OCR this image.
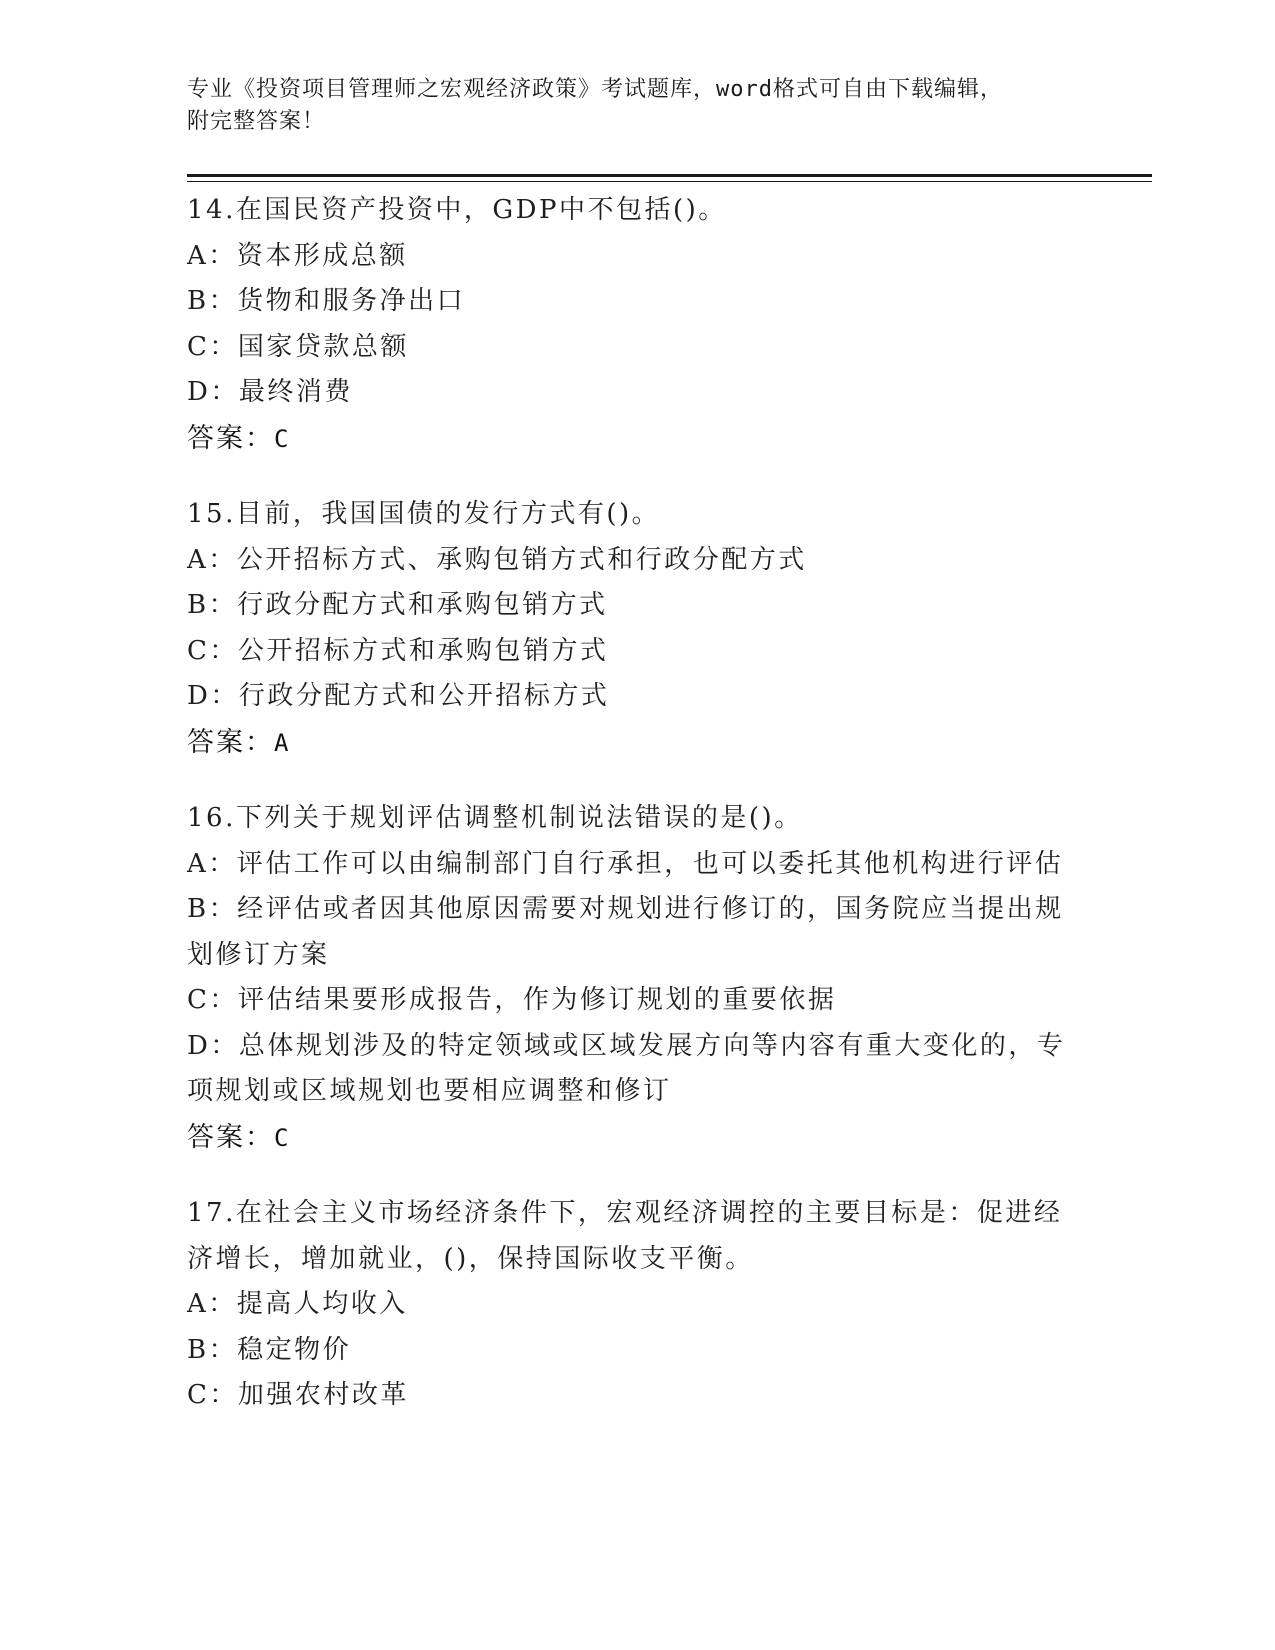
专业《投资项目管理师之宏观经济政策》考试题库，word格式可自由下载编辑，
附完整答案！
14.在国民资产投资中，GDP中不包括()。
A：资本形成总额
B：货物和服务净出口
C：国家贷款总额
D：最终消费
答案：C
15.目前，我国国债的发行方式有()。
A：公开招标方式、承购包销方式和行政分配方式
B：行政分配方式和承购包销方式
C：公开招标方式和承购包销方式
D：行政分配方式和公开招标方式
答案：A
16.下列关于规划评估调整机制说法错误的是()。
A：评估工作可以由编制部门自行承担，也可以委托其他机构进行评估
B：经评估或者因其他原因需要对规划进行修订的，国务院应当提出规
划修订方案
C：评估结果要形成报告，作为修订规划的重要依据
D：总体规划涉及的特定领域或区域发展方向等内容有重大变化的，专
项规划或区域规划也要相应调整和修订
答案：C
17.在社会主义市场经济条件下，宏观经济调控的主要目标是：促进经
济增长，增加就业，()，保持国际收支平衡。
A：提高人均收入
B：稳定物价
C：加强农村改革
